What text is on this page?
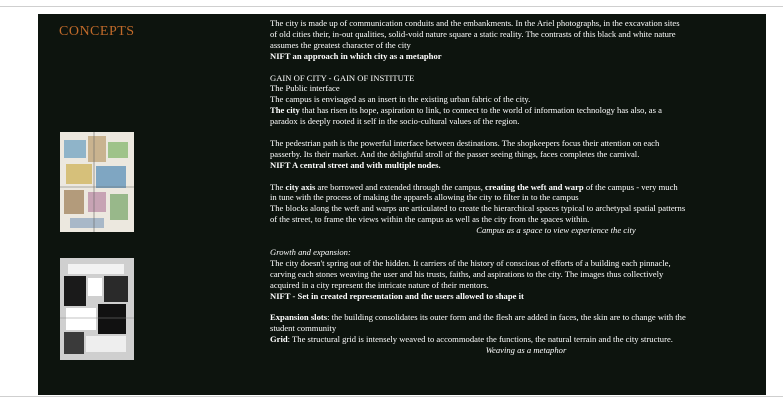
CONCEPTS

The city is made up of communication conduits and the embankments. In the Ariel photographs, in the excavation sites

of old cities their, in-out qualities, solid-void nature square a static reality. The contrasts of this black and white nature

assumes the greatest character of the city

NIFT an approach in which city as a metaphor

GAIN OF CITY - GAIN OF INSTITUTE

The Public interface

The campus is envisaged as an insert in the existing urban fabric of the city.

The city that has risen its hope, aspiration to link, to connect to the world of information technology has also, as a

paradox is deeply rooted it self in the socio-cultural values of the region.

The pedestrian path is the powerful interface between destinations. The shopkeepers focus their attention on each

passerby. Its their market. And the delightful stroll of the passer seeing things, faces completes the carnival.

NIFT A central street and with multiple nodes.

The city axis are borrowed and extended through the campus, creating the weft and warp of the campus - very much

in tune with the process of making the apparels allowing the city to filter in to the campus

The blocks along the weft and warps are articulated to create the hierarchical spaces typical to archetypal spatial patterns

of the street, to frame the views within the campus as well as the city from the spaces within.

Campus as a space to view experience the city

Growth and expansion:

The city doesn't spring out of the hidden. It carriers of the history of conscious of efforts of a building each pinnacle,

carving each stones weaving the user and his trusts, faiths, and aspirations to the city. The images thus collectively

acquired in a city represent the intricate nature of their mentors.

NIFT - Set in created representation and the users allowed to shape it

Expansion slots: the building consolidates its outer form and the flesh are added in faces, the skin are to change with the

student community

Grid: The structural grid is intensely weaved to accommodate the functions, the natural terrain and the city structure.

Weaving as a metaphor
